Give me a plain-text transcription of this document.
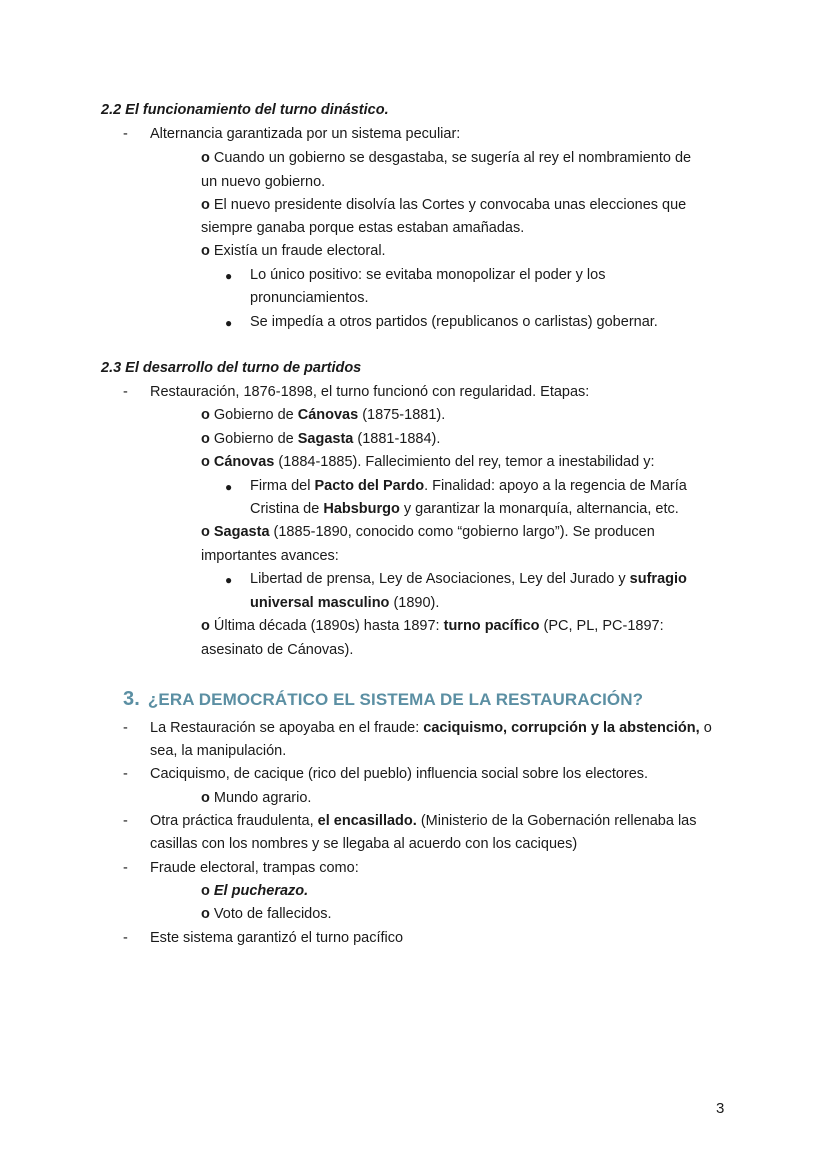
2.2 El funcionamiento del turno dinástico.
- Alternancia garantizada por un sistema peculiar:
o Cuando un gobierno se desgastaba, se sugería al rey el nombramiento de
un nuevo gobierno.
o El nuevo presidente disolvía las Cortes y convocaba unas elecciones que
siempre ganaba porque estas estaban amañadas.
o Existía un fraude electoral.
● Lo único positivo: se evitaba monopolizar el poder y los
pronunciamientos.
● Se impedía a otros partidos (republicanos o carlistas) gobernar.
2.3 El desarrollo del turno de partidos
- Restauración, 1876-1898, el turno funcionó con regularidad. Etapas:
o Gobierno de Cánovas (1875-1881).
o Gobierno de Sagasta (1881-1884).
o Cánovas (1884-1885). Fallecimiento del rey, temor a inestabilidad y:
● Firma del Pacto del Pardo. Finalidad: apoyo a la regencia de María
Cristina de Habsburgo y garantizar la monarquía, alternancia, etc.
o Sagasta (1885-1890, conocido como “gobierno largo”). Se producen
importantes avances:
● Libertad de prensa, Ley de Asociaciones, Ley del Jurado y sufragio
universal masculino (1890).
o Última década (1890s) hasta 1897: turno pacífico (PC, PL, PC-1897:
asesinato de Cánovas).
3. ¿ERA DEMOCRÁTICO EL SISTEMA DE LA RESTAURACIÓN?
- La Restauración se apoyaba en el fraude: caciquismo, corrupción y la abstención, o
sea, la manipulación.
- Caciquismo, de cacique (rico del pueblo) influencia social sobre los electores.
o Mundo agrario.
- Otra práctica fraudulenta, el encasillado. (Ministerio de la Gobernación rellenaba las
casillas con los nombres y se llegaba al acuerdo con los caciques)
- Fraude electoral, trampas como:
o El pucherazo.
o Voto de fallecidos.
- Este sistema garantizó el turno pacífico
3
